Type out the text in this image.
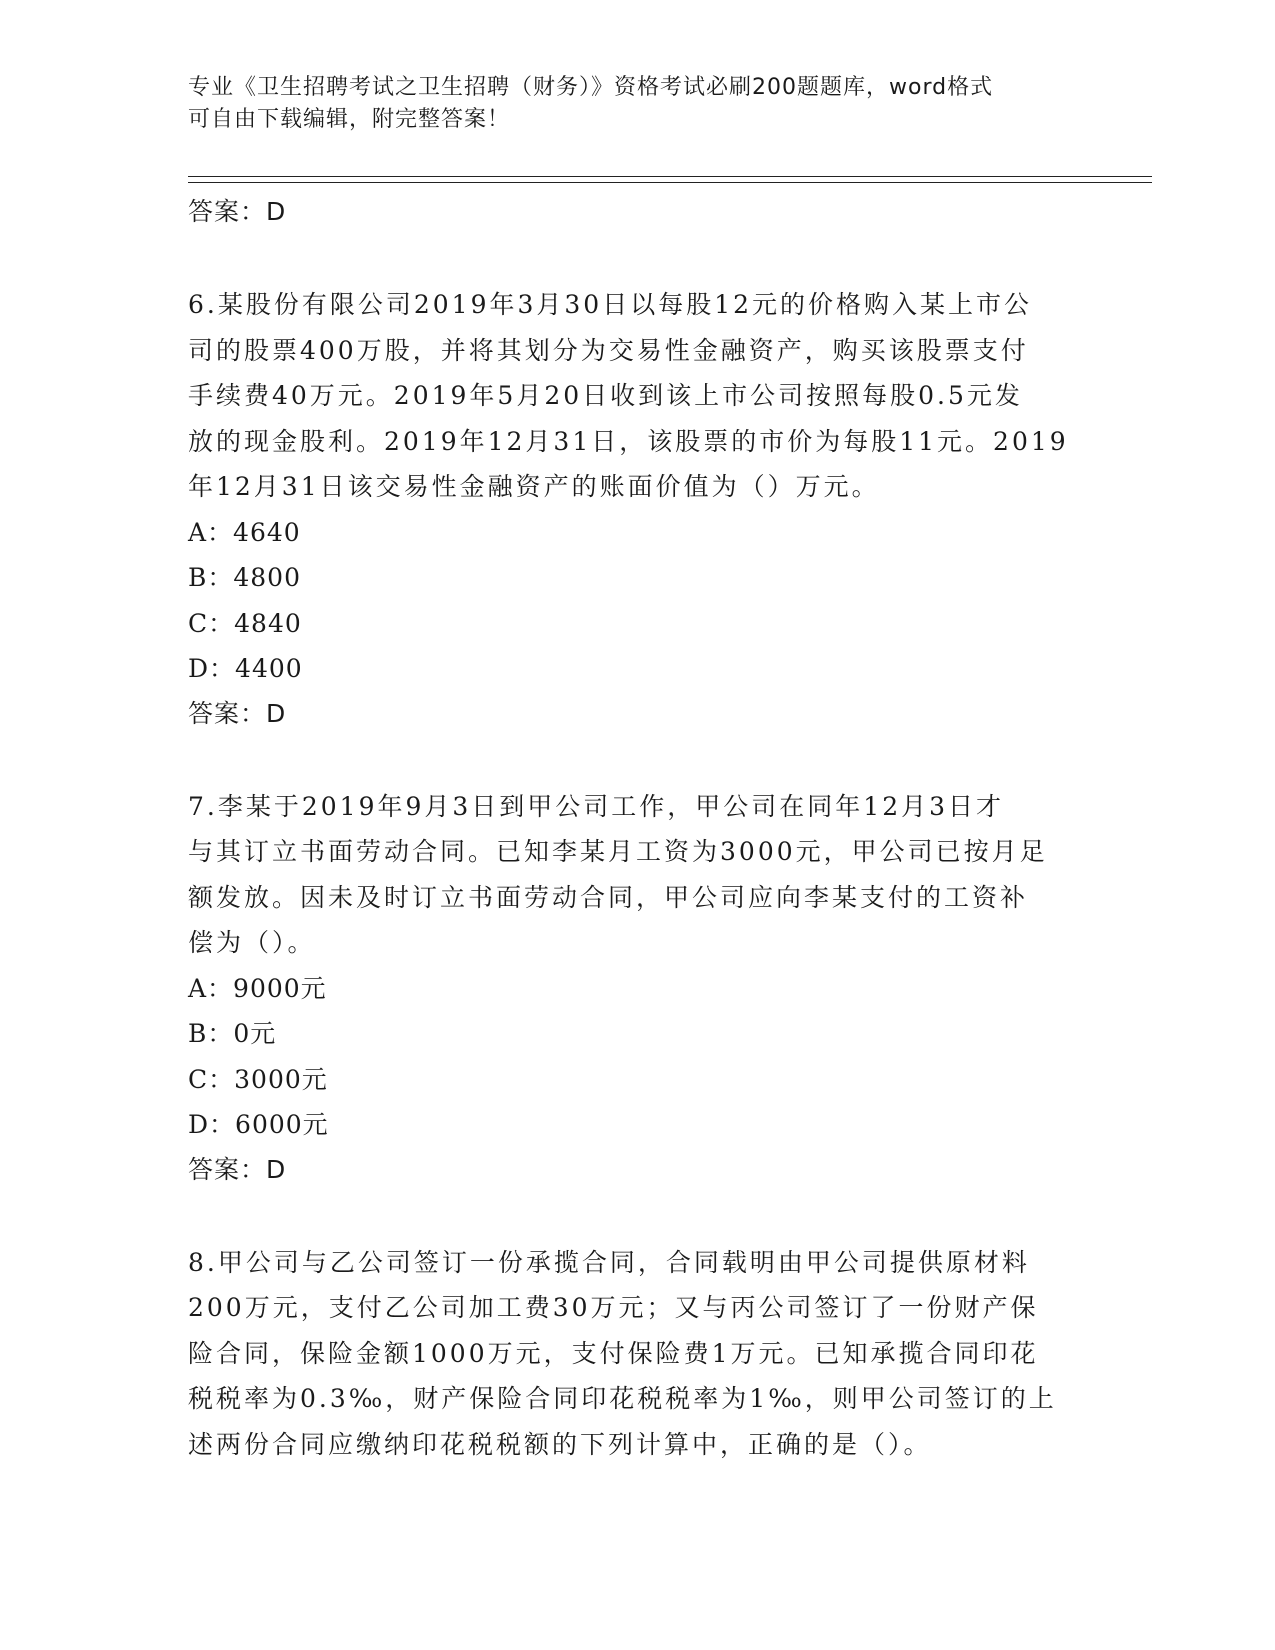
专业《卫生招聘考试之卫生招聘（财务）》资格考试必刷200题题库，word格式
可自由下载编辑，附完整答案！

答案：D

6.某股份有限公司2019年3月30日以每股12元的价格购入某上市公

司的股票400万股，并将其划分为交易性金融资产，购买该股票支付

手续费40万元。2019年5月20日收到该上市公司按照每股0.5元发

放的现金股利。2019年12月31日，该股票的市价为每股11元。2019

年12月31日该交易性金融资产的账面价值为（）万元。

A：4640

B：4800

C：4840

D：4400

答案：D

7.李某于2019年9月3日到甲公司工作，甲公司在同年12月3日才

与其订立书面劳动合同。已知李某月工资为3000元，甲公司已按月足

额发放。因未及时订立书面劳动合同，甲公司应向李某支付的工资补

偿为（）。

A：9000元

B：0元

C：3000元

D：6000元

答案：D

8.甲公司与乙公司签订一份承揽合同，合同载明由甲公司提供原材料

200万元，支付乙公司加工费30万元；又与丙公司签订了一份财产保

险合同，保险金额1000万元，支付保险费1万元。已知承揽合同印花

税税率为0.3‰，财产保险合同印花税税率为1‰，则甲公司签订的上

述两份合同应缴纳印花税税额的下列计算中，正确的是（）。
